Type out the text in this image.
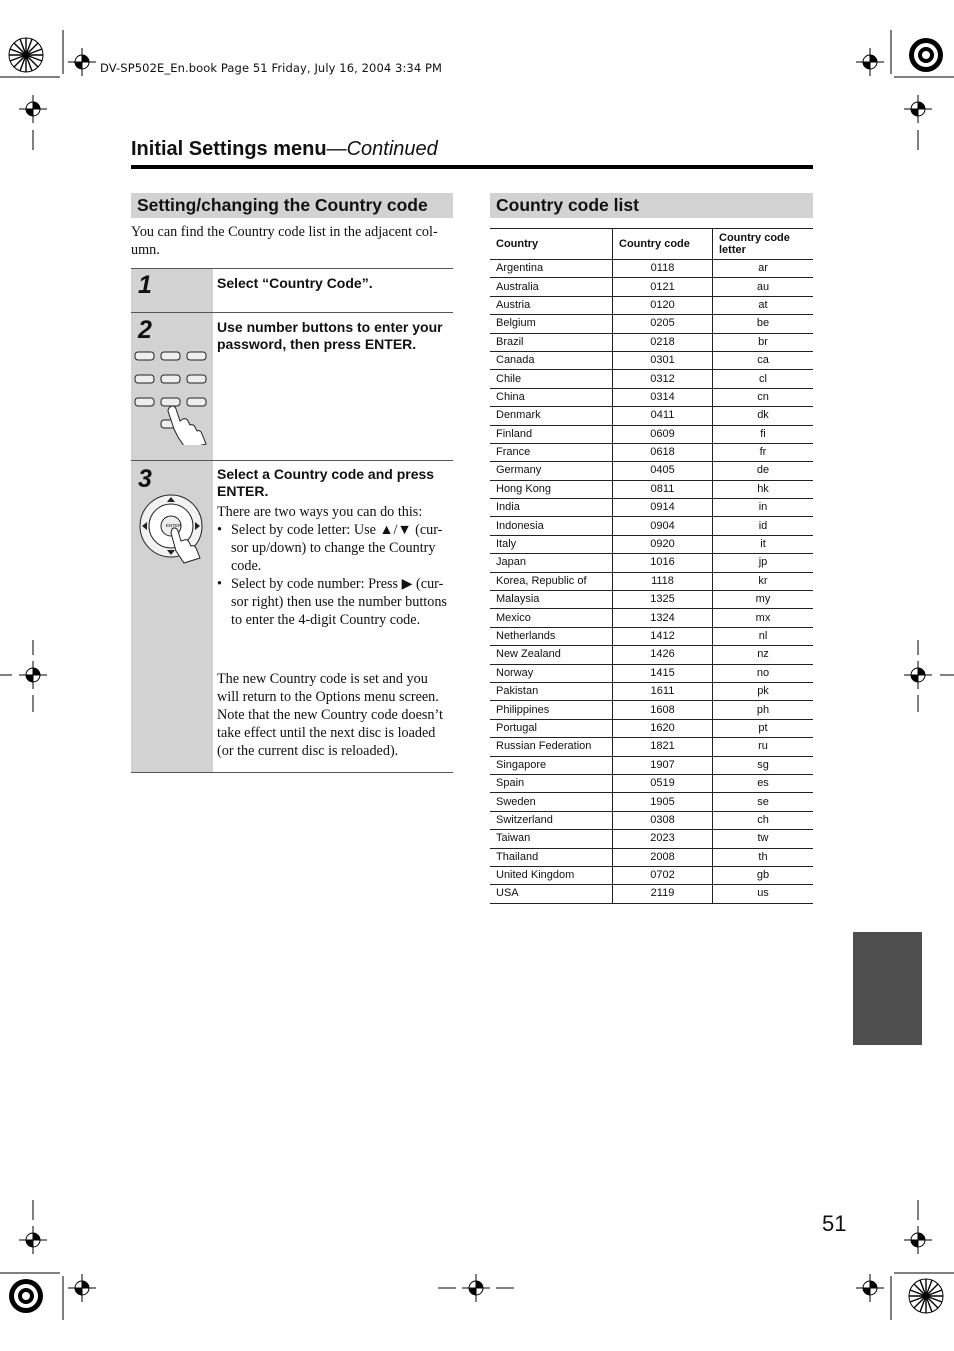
DV-SP502E_En.book Page 51 Friday, July 16, 2004 3:34 PM
Initial Settings menu—Continued
Setting/changing the Country code
You can find the Country code list in the adjacent col-umn.
1	Select “Country Code”.
2	Use number buttons to enter your password, then press ENTER.
3
ENTER
Select a Country code and press ENTER.
There are two ways you can do this:
• Select by code letter: Use ▲/▼ (cur-sor up/down) to change the Country code.
• Select by code number: Press ▶ (cur-sor right) then use the number buttons to enter the 4-digit Country code.
The new Country code is set and you will return to the Options menu screen. Note that the new Country code doesn’t take effect until the next disc is loaded (or the current disc is reloaded).
Country code list
Country	Country code	Country code letter
Argentina	0118	ar
Australia	0121	au
Austria	0120	at
Belgium	0205	be
Brazil	0218	br
Canada	0301	ca
Chile	0312	cl
China	0314	cn
Denmark	0411	dk
Finland	0609	fi
France	0618	fr
Germany	0405	de
Hong Kong	0811	hk
India	0914	in
Indonesia	0904	id
Italy	0920	it
Japan	1016	jp
Korea, Republic of	1118	kr
Malaysia	1325	my
Mexico	1324	mx
Netherlands	1412	nl
New Zealand	1426	nz
Norway	1415	no
Pakistan	1611	pk
Philippines	1608	ph
Portugal	1620	pt
Russian Federation	1821	ru
Singapore	1907	sg
Spain	0519	es
Sweden	1905	se
Switzerland	0308	ch
Taiwan	2023	tw
Thailand	2008	th
United Kingdom	0702	gb
USA	2119	us
51
